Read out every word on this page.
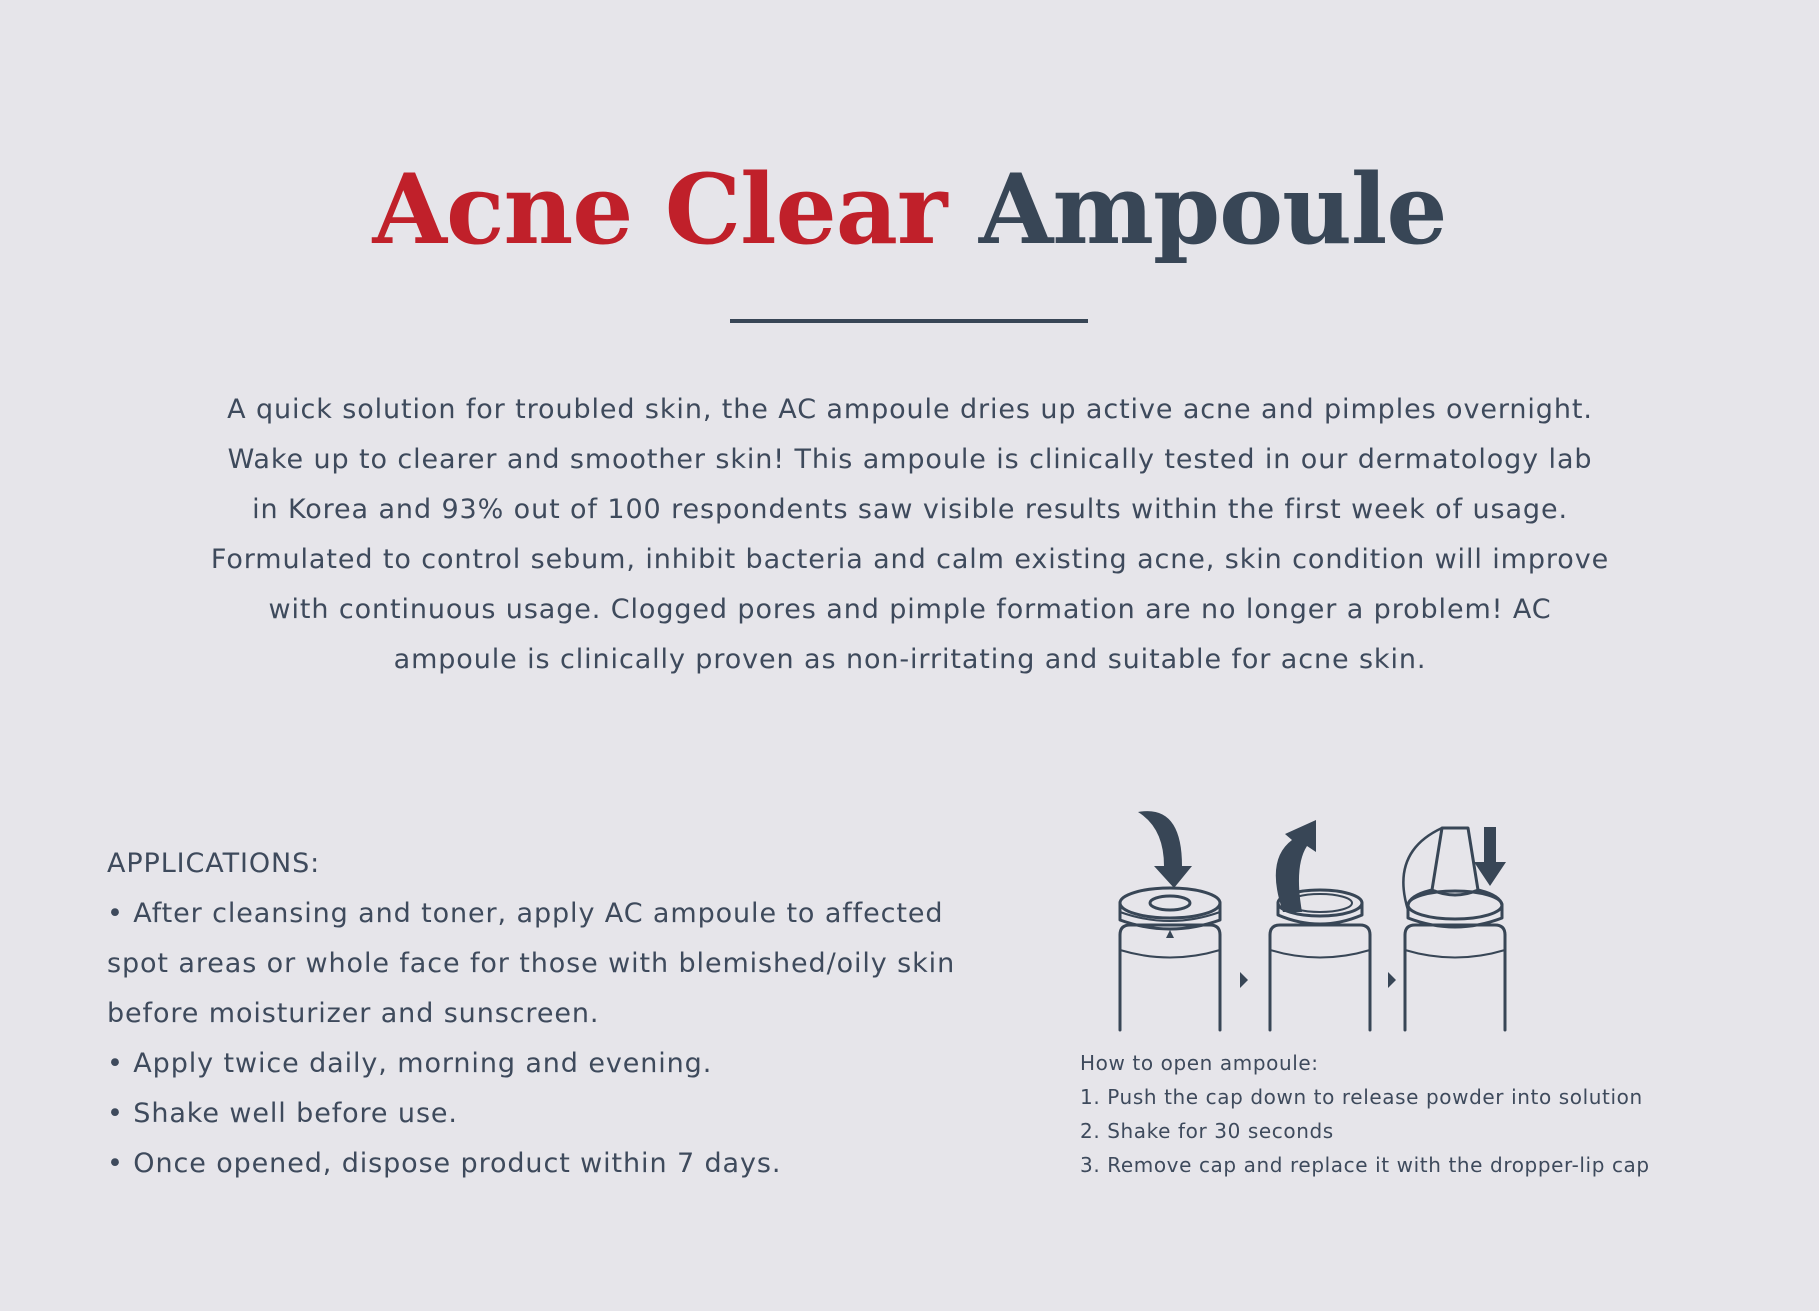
Acne Clear Ampoule

A quick solution for troubled skin, the AC ampoule dries up active acne and pimples overnight. Wake up to clearer and smoother skin! This ampoule is clinically tested in our dermatology lab in Korea and 93% out of 100 respondents saw visible results within the first week of usage. Formulated to control sebum, inhibit bacteria and calm existing acne, skin condition will improve with continuous usage. Clogged pores and pimple formation are no longer a problem! AC ampoule is clinically proven as non-irritating and suitable for acne skin.

APPLICATIONS:
• After cleansing and toner, apply AC ampoule to affected spot areas or whole face for those with blemished/oily skin before moisturizer and sunscreen.
• Apply twice daily, morning and evening.
• Shake well before use.
• Once opened, dispose product within 7 days.
How to open ampoule:
1. Push the cap down to release powder into solution
2. Shake for 30 seconds
3. Remove cap and replace it with the dropper-lip cap
